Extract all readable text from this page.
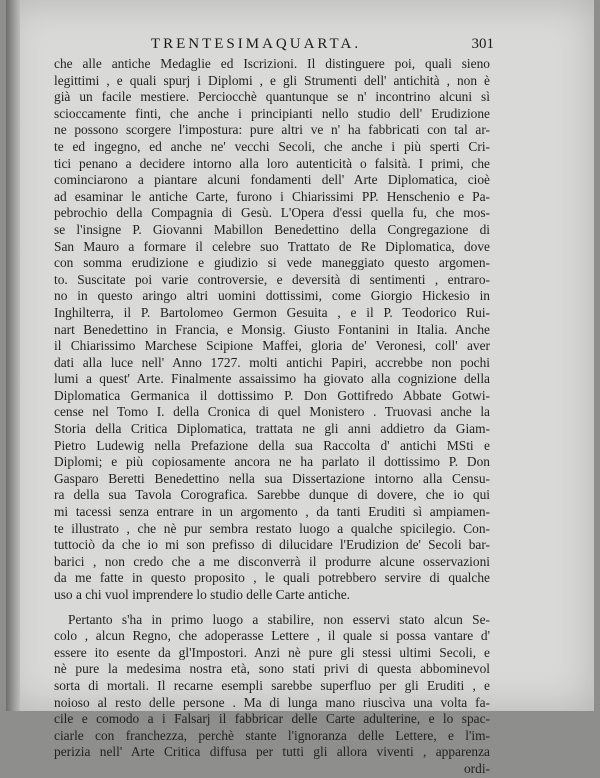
TRENTESIMAQUARTA.	301
che alle antiche Medaglie ed Iscrizioni. Il distinguere poi, quali sieno
legittimi , e quali spurj i Diplomi , e gli Strumenti dell' antichità , non è
già un facile mestiere. Perciocchè quantunque se n' incontrino alcuni sì
scioccamente finti, che anche i principianti nello studio dell' Erudizione
ne possono scorgere l'impostura: pure altri ve n' ha fabbricati con tal ar-
te ed ingegno, ed anche ne' vecchi Secoli, che anche i più sperti Cri-
tici penano a decidere intorno alla loro autenticità o falsità. I primi, che
cominciarono a piantare alcuni fondamenti dell' Arte Diplomatica, cioè
ad esaminar le antiche Carte, furono i Chiarissimi PP. Henschenio e Pa-
pebrochio della Compagnia di Gesù. L'Opera d'essi quella fu, che mos-
se l'insigne P. Giovanni Mabillon Benedettino della Congregazione di
San Mauro a formare il celebre suo Trattato de Re Diplomatica, dove
con somma erudizione e giudizio si vede maneggiato questo argomen-
to. Suscitate poi varie controversie, e deversità di sentimenti , entraro-
no in questo aringo altri uomini dottissimi, come Giorgio Hickesio in
Inghilterra, il P. Bartolomeo Germon Gesuita , e il P. Teodorico Rui-
nart Benedettino in Francia, e Monsig. Giusto Fontanini in Italia. Anche
il Chiarissimo Marchese Scipione Maffei, gloria de' Veronesi, coll' aver
dati alla luce nell' Anno 1727. molti antichi Papiri, accrebbe non pochi
lumi a quest' Arte. Finalmente assaissimo ha giovato alla cognizione della
Diplomatica Germanica il dottissimo P. Don Gottifredo Abbate Gotwi-
cense nel Tomo I. della Cronica di quel Monistero . Truovasi anche la
Storia della Critica Diplomatica, trattata ne gli anni addietro da Giam-
Pietro Ludewig nella Prefazione della sua Raccolta d' antichi MSti e
Diplomi; e più copiosamente ancora ne ha parlato il dottissimo P. Don
Gasparo Beretti Benedettino nella sua Dissertazione intorno alla Censu-
ra della sua Tavola Corografica. Sarebbe dunque di dovere, che io qui
mi tacessi senza entrare in un argomento , da tanti Eruditi sì ampiamen-
te illustrato , che nè pur sembra restato luogo a qualche spicilegio. Con-
tuttociò da che io mi son prefisso di dilucidare l'Erudizion de' Secoli bar-
barici , non credo che a me disconverrà il produrre alcune osservazioni
da me fatte in questo proposito , le quali potrebbero servire di qualche
uso a chi vuol imprendere lo studio delle Carte antiche.
Pertanto s'ha in primo luogo a stabilire, non esservi stato alcun Se-
colo , alcun Regno, che adoperasse Lettere , il quale si possa vantare d'
essere ito esente da gl'Impostori. Anzi nè pure gli stessi ultimi Secoli, e
nè pure la medesima nostra età, sono stati privi di questa abbominevol
sorta di mortali. Il recarne esempli sarebbe superfluo per gli Eruditi , e
noioso al resto delle persone . Ma di lunga mano riuscìva una volta fa-
cile e comodo a i Falsarj il fabbricar delle Carte adulterine, e lo spac-
ciarle con franchezza, perchè stante l'ignoranza delle Lettere, e l'im-
perizia nell' Arte Critica diffusa per tutti gli allora viventi , apparenza
ordi-
